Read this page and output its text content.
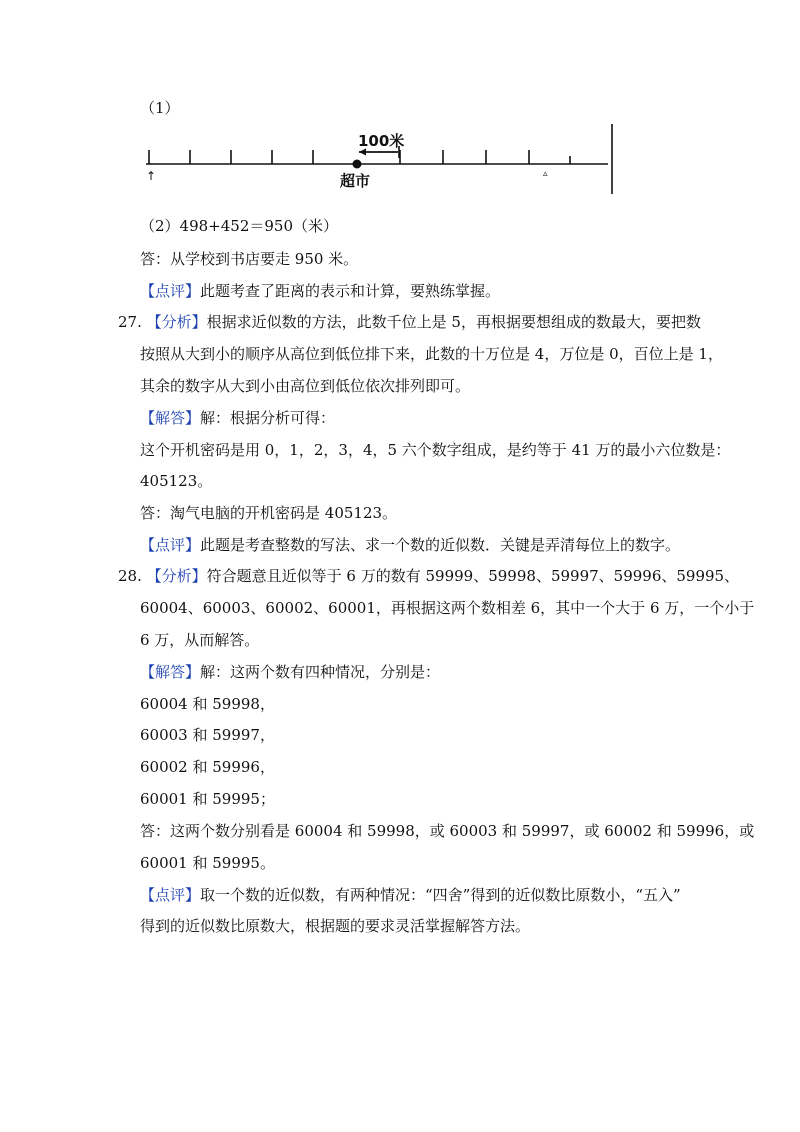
（1）
100米
超市
↑	▵
（2）498+452＝950（米）
答：从学校到书店要走 950 米。
【点评】此题考查了距离的表示和计算，要熟练掌握。
27. 【分析】根据求近似数的方法，此数千位上是 5，再根据要想组成的数最大，要把数
按照从大到小的顺序从高位到低位排下来，此数的十万位是 4，万位是 0，百位上是 1，
其余的数字从大到小由高位到低位依次排列即可。
【解答】解：根据分析可得：
这个开机密码是用 0，1，2，3，4，5 六个数字组成，是约等于 41 万的最小六位数是：
405123。
答：淘气电脑的开机密码是 405123。
【点评】此题是考查整数的写法、求一个数的近似数．关键是弄清每位上的数字。
28. 【分析】符合题意且近似等于 6 万的数有 59999、59998、59997、59996、59995、
60004、60003、60002、60001，再根据这两个数相差 6，其中一个大于 6 万，一个小于
6 万，从而解答。
【解答】解：这两个数有四种情况，分别是：
60004 和 59998，
60003 和 59997，
60002 和 59996，
60001 和 59995；
答：这两个数分别看是 60004 和 59998，或 60003 和 59997，或 60002 和 59996，或
60001 和 59995。
【点评】取一个数的近似数，有两种情况：“四舍”得到的近似数比原数小，“五入”
得到的近似数比原数大，根据题的要求灵活掌握解答方法。
